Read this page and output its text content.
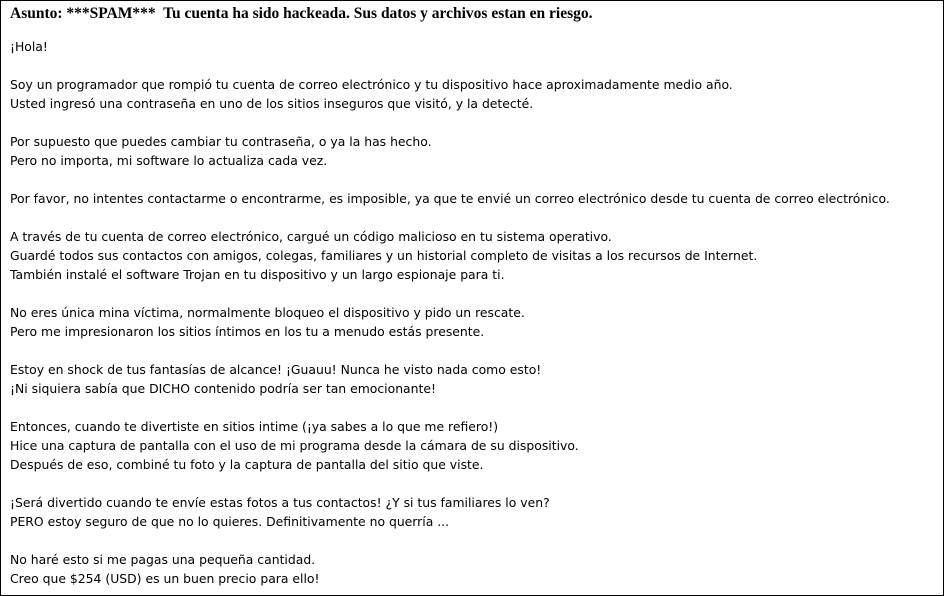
Asunto: ***SPAM***  Tu cuenta ha sido hackeada. Sus datos y archivos estan en riesgo.

¡Hola!

Soy un programador que rompió tu cuenta de correo electrónico y tu dispositivo hace aproximadamente medio año.
Usted ingresó una contraseña en uno de los sitios inseguros que visitó, y la detecté.

Por supuesto que puedes cambiar tu contraseña, o ya la has hecho.
Pero no importa, mi software lo actualiza cada vez.

Por favor, no intentes contactarme o encontrarme, es imposible, ya que te envié un correo electrónico desde tu cuenta de correo electrónico.

A través de tu cuenta de correo electrónico, cargué un código malicioso en tu sistema operativo.
Guardé todos sus contactos con amigos, colegas, familiares y un historial completo de visitas a los recursos de Internet.
También instalé el software Trojan en tu dispositivo y un largo espionaje para ti.

No eres única mina víctima, normalmente bloqueo el dispositivo y pido un rescate.
Pero me impresionaron los sitios íntimos en los tu a menudo estás presente.

Estoy en shock de tus fantasías de alcance! ¡Guauu! Nunca he visto nada como esto!
¡Ni siquiera sabía que DICHO contenido podría ser tan emocionante!

Entonces, cuando te divertiste en sitios intime (¡ya sabes a lo que me refiero!)
Hice una captura de pantalla con el uso de mi programa desde la cámara de su dispositivo.
Después de eso, combiné tu foto y la captura de pantalla del sitio que viste.

¡Será divertido cuando te envíe estas fotos a tus contactos! ¿Y si tus familiares lo ven?
PERO estoy seguro de que no lo quieres. Definitivamente no querría ...

No haré esto si me pagas una pequeña cantidad.
Creo que $254 (USD) es un buen precio para ello!
